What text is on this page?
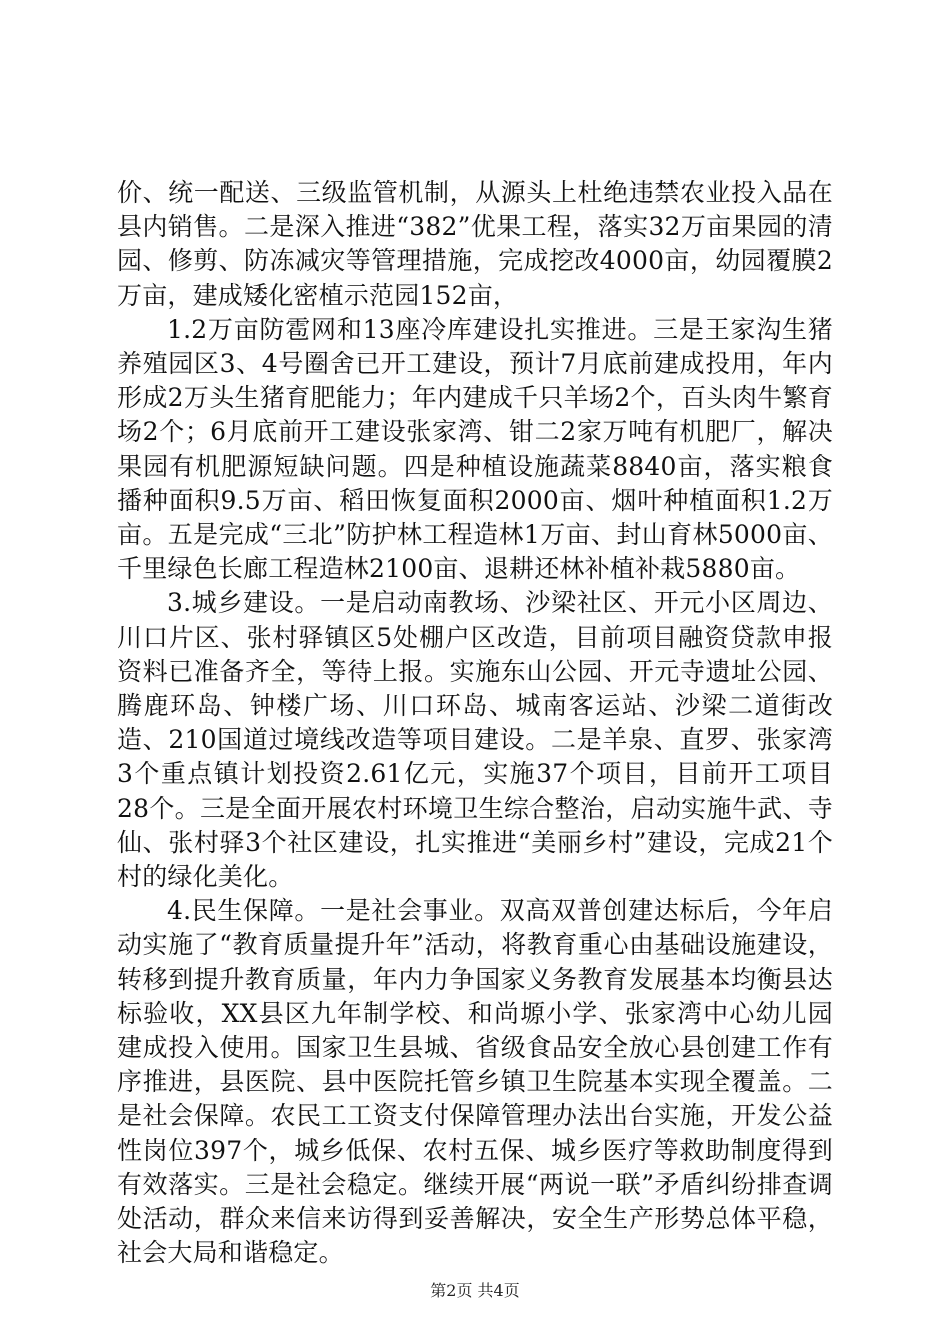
价、统一配送、三级监管机制，从源头上杜绝违禁农业投入品在县内销售。二是深入推进“382”优果工程，落实32万亩果园的清园、修剪、防冻减灾等管理措施，完成挖改4000亩，幼园覆膜2万亩，建成矮化密植示范园152亩，

1.2万亩防雹网和13座冷库建设扎实推进。三是王家沟生猪养殖园区3、4号圈舍已开工建设，预计7月底前建成投用，年内形成2万头生猪育肥能力；年内建成千只羊场2个，百头肉牛繁育场2个；6月底前开工建设张家湾、钳二2家万吨有机肥厂，解决果园有机肥源短缺问题。四是种植设施蔬菜8840亩，落实粮食播种面积9.5万亩、稻田恢复面积2000亩、烟叶种植面积1.2万亩。五是完成“三北”防护林工程造林1万亩、封山育林5000亩、千里绿色长廊工程造林2100亩、退耕还林补植补栽5880亩。

3.城乡建设。一是启动南教场、沙梁社区、开元小区周边、川口片区、张村驿镇区5处棚户区改造，目前项目融资贷款申报资料已准备齐全，等待上报。实施东山公园、开元寺遗址公园、腾鹿环岛、钟楼广场、川口环岛、城南客运站、沙梁二道街改造、210国道过境线改造等项目建设。二是羊泉、直罗、张家湾3个重点镇计划投资2.61亿元，实施37个项目，目前开工项目28个。三是全面开展农村环境卫生综合整治，启动实施牛武、寺仙、张村驿3个社区建设，扎实推进“美丽乡村”建设，完成21个村的绿化美化。

4.民生保障。一是社会事业。双高双普创建达标后，今年启动实施了“教育质量提升年”活动，将教育重心由基础设施建设，转移到提升教育质量，年内力争国家义务教育发展基本均衡县达标验收，XX县区九年制学校、和尚塬小学、张家湾中心幼儿园建成投入使用。国家卫生县城、省级食品安全放心县创建工作有序推进，县医院、县中医院托管乡镇卫生院基本实现全覆盖。二是社会保障。农民工工资支付保障管理办法出台实施，开发公益性岗位397个，城乡低保、农村五保、城乡医疗等救助制度得到有效落实。三是社会稳定。继续开展“两说一联”矛盾纠纷排查调处活动，群众来信来访得到妥善解决，安全生产形势总体平稳，社会大局和谐稳定。

第2页 共4页
